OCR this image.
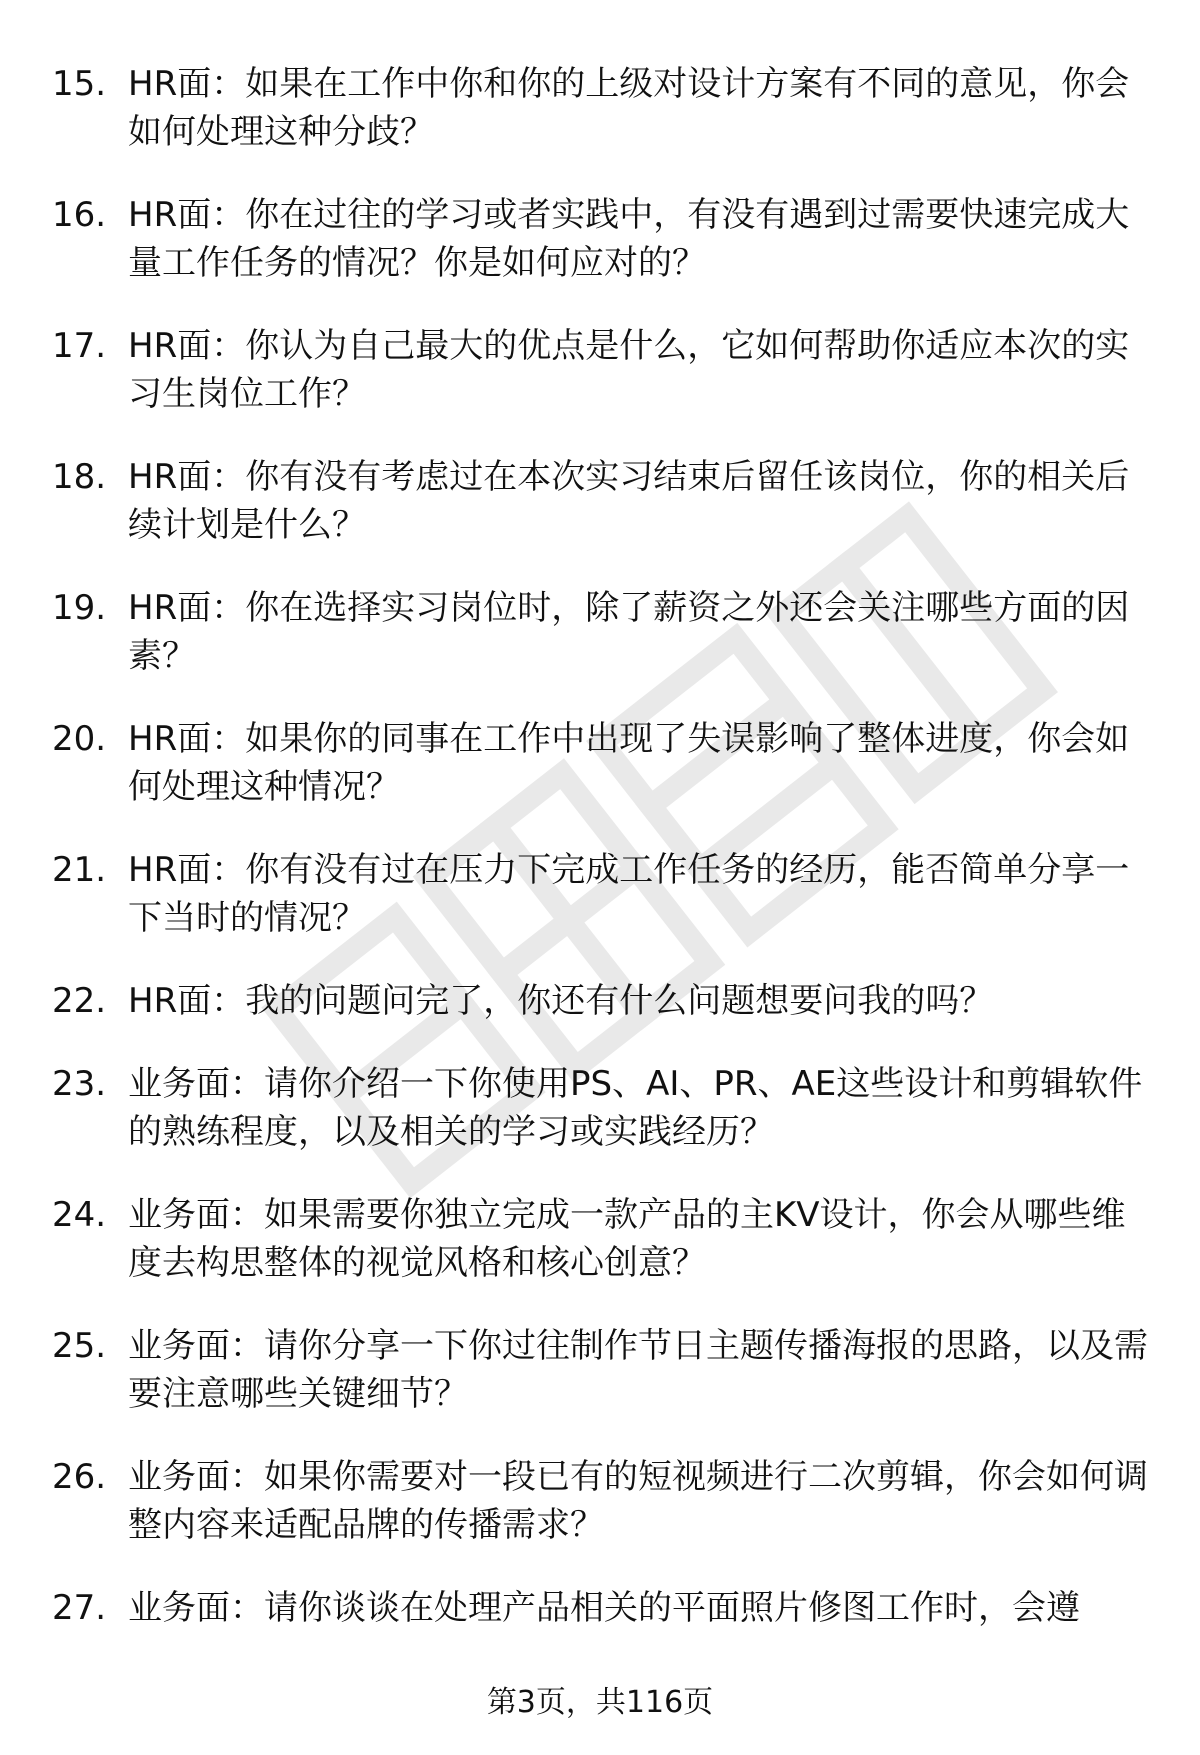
15. HR面：如果在工作中你和你的上级对设计方案有不同的意见，你会如何处理这种分歧？
16. HR面：你在过往的学习或者实践中，有没有遇到过需要快速完成大量工作任务的情况？你是如何应对的？
17. HR面：你认为自己最大的优点是什么，它如何帮助你适应本次的实习生岗位工作？
18. HR面：你有没有考虑过在本次实习结束后留任该岗位，你的相关后续计划是什么？
19. HR面：你在选择实习岗位时，除了薪资之外还会关注哪些方面的因素？
20. HR面：如果你的同事在工作中出现了失误影响了整体进度，你会如何处理这种情况？
21. HR面：你有没有过在压力下完成工作任务的经历，能否简单分享一下当时的情况？
22. HR面：我的问题问完了，你还有什么问题想要问我的吗？
23. 业务面：请你介绍一下你使用PS、AI、PR、AE这些设计和剪辑软件的熟练程度，以及相关的学习或实践经历？
24. 业务面：如果需要你独立完成一款产品的主KV设计，你会从哪些维度去构思整体的视觉风格和核心创意？
25. 业务面：请你分享一下你过往制作节日主题传播海报的思路，以及需要注意哪些关键细节？
26. 业务面：如果你需要对一段已有的短视频进行二次剪辑，你会如何调整内容来适配品牌的传播需求？
27. 业务面：请你谈谈在处理产品相关的平面照片修图工作时，会遵
第3页，共116页
